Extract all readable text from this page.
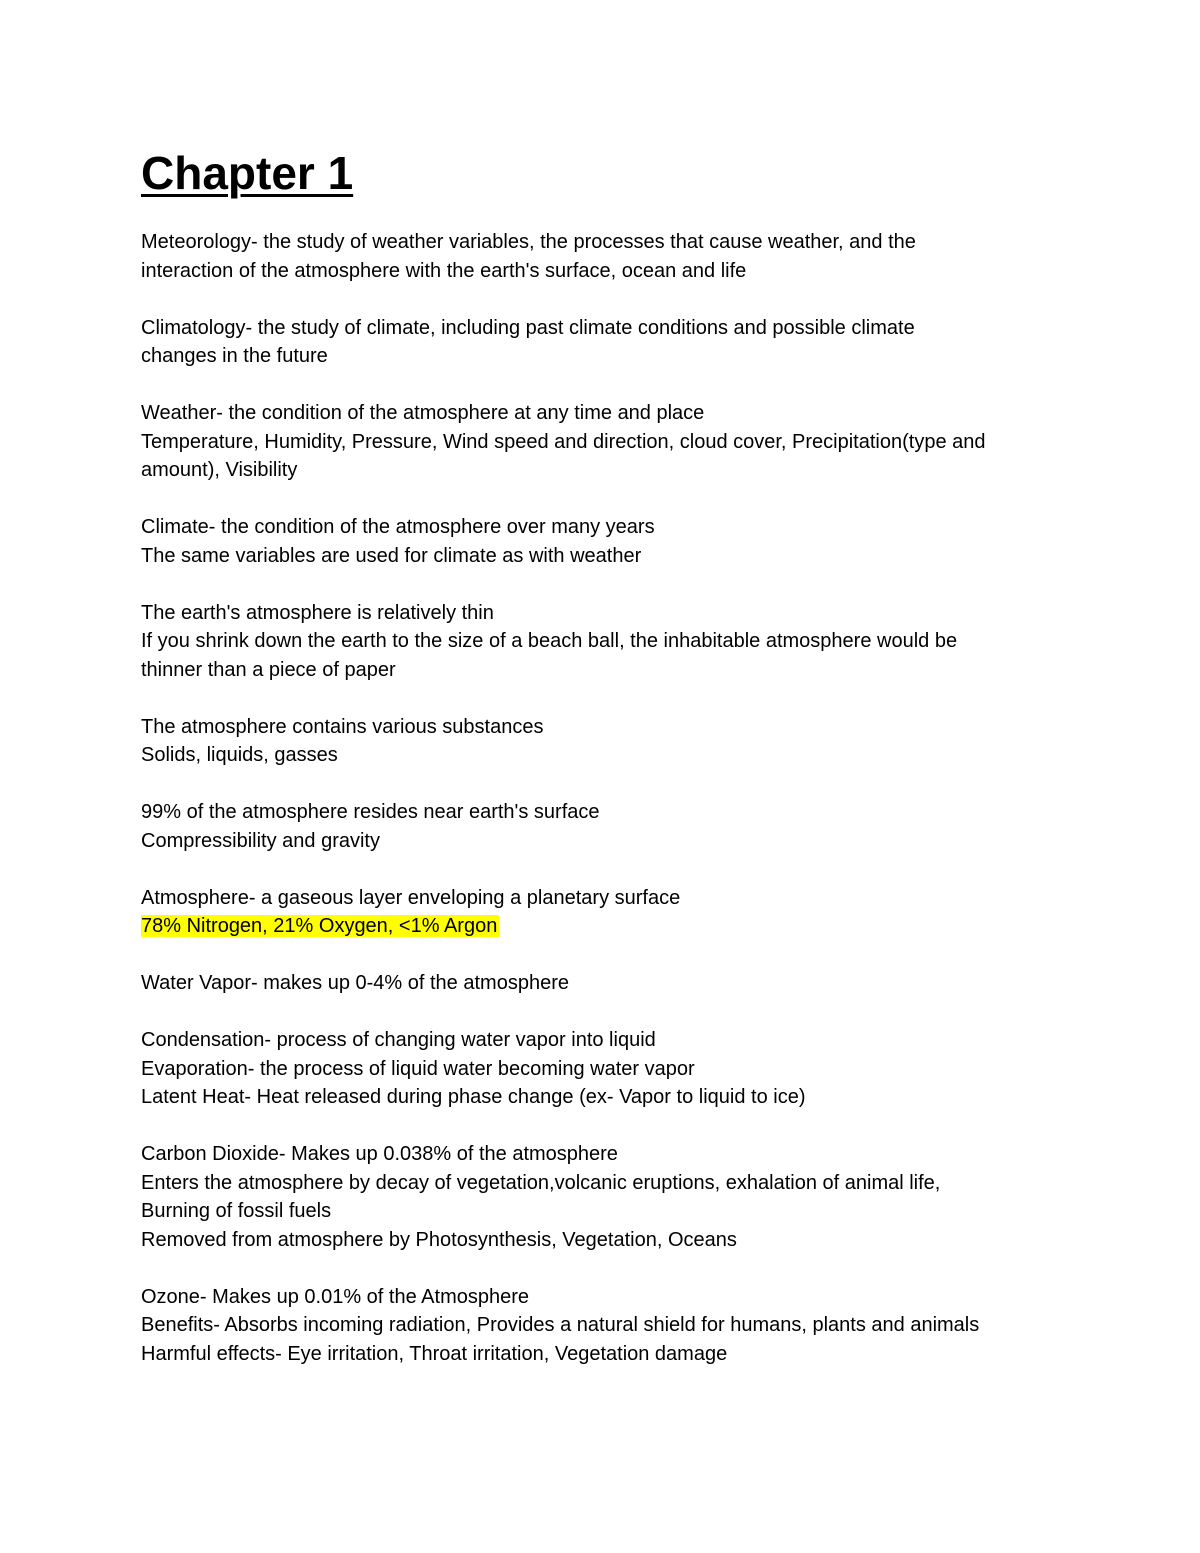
Chapter 1
Meteorology- the study of weather variables, the processes that cause weather, and the
interaction of the atmosphere with the earth's surface, ocean and life
Climatology- the study of climate, including past climate conditions and possible climate
changes in the future
Weather- the condition of the atmosphere at any time and place
Temperature, Humidity, Pressure, Wind speed and direction, cloud cover, Precipitation(type and
amount), Visibility
Climate- the condition of the atmosphere over many years
The same variables are used for climate as with weather
The earth's atmosphere is relatively thin
If you shrink down the earth to the size of a beach ball, the inhabitable atmosphere would be
thinner than a piece of paper
The atmosphere contains various substances
Solids, liquids, gasses
99% of the atmosphere resides near earth's surface
Compressibility and gravity
Atmosphere- a gaseous layer enveloping a planetary surface
78% Nitrogen, 21% Oxygen, <1% Argon
Water Vapor- makes up 0-4% of the atmosphere
Condensation- process of changing water vapor into liquid
Evaporation- the process of liquid water becoming water vapor
Latent Heat- Heat released during phase change (ex- Vapor to liquid to ice)
Carbon Dioxide- Makes up 0.038% of the atmosphere
Enters the atmosphere by decay of vegetation,volcanic eruptions, exhalation of animal life,
Burning of fossil fuels
Removed from atmosphere by Photosynthesis, Vegetation, Oceans
Ozone- Makes up 0.01% of the Atmosphere
Benefits- Absorbs incoming radiation, Provides a natural shield for humans, plants and animals
Harmful effects- Eye irritation, Throat irritation, Vegetation damage
